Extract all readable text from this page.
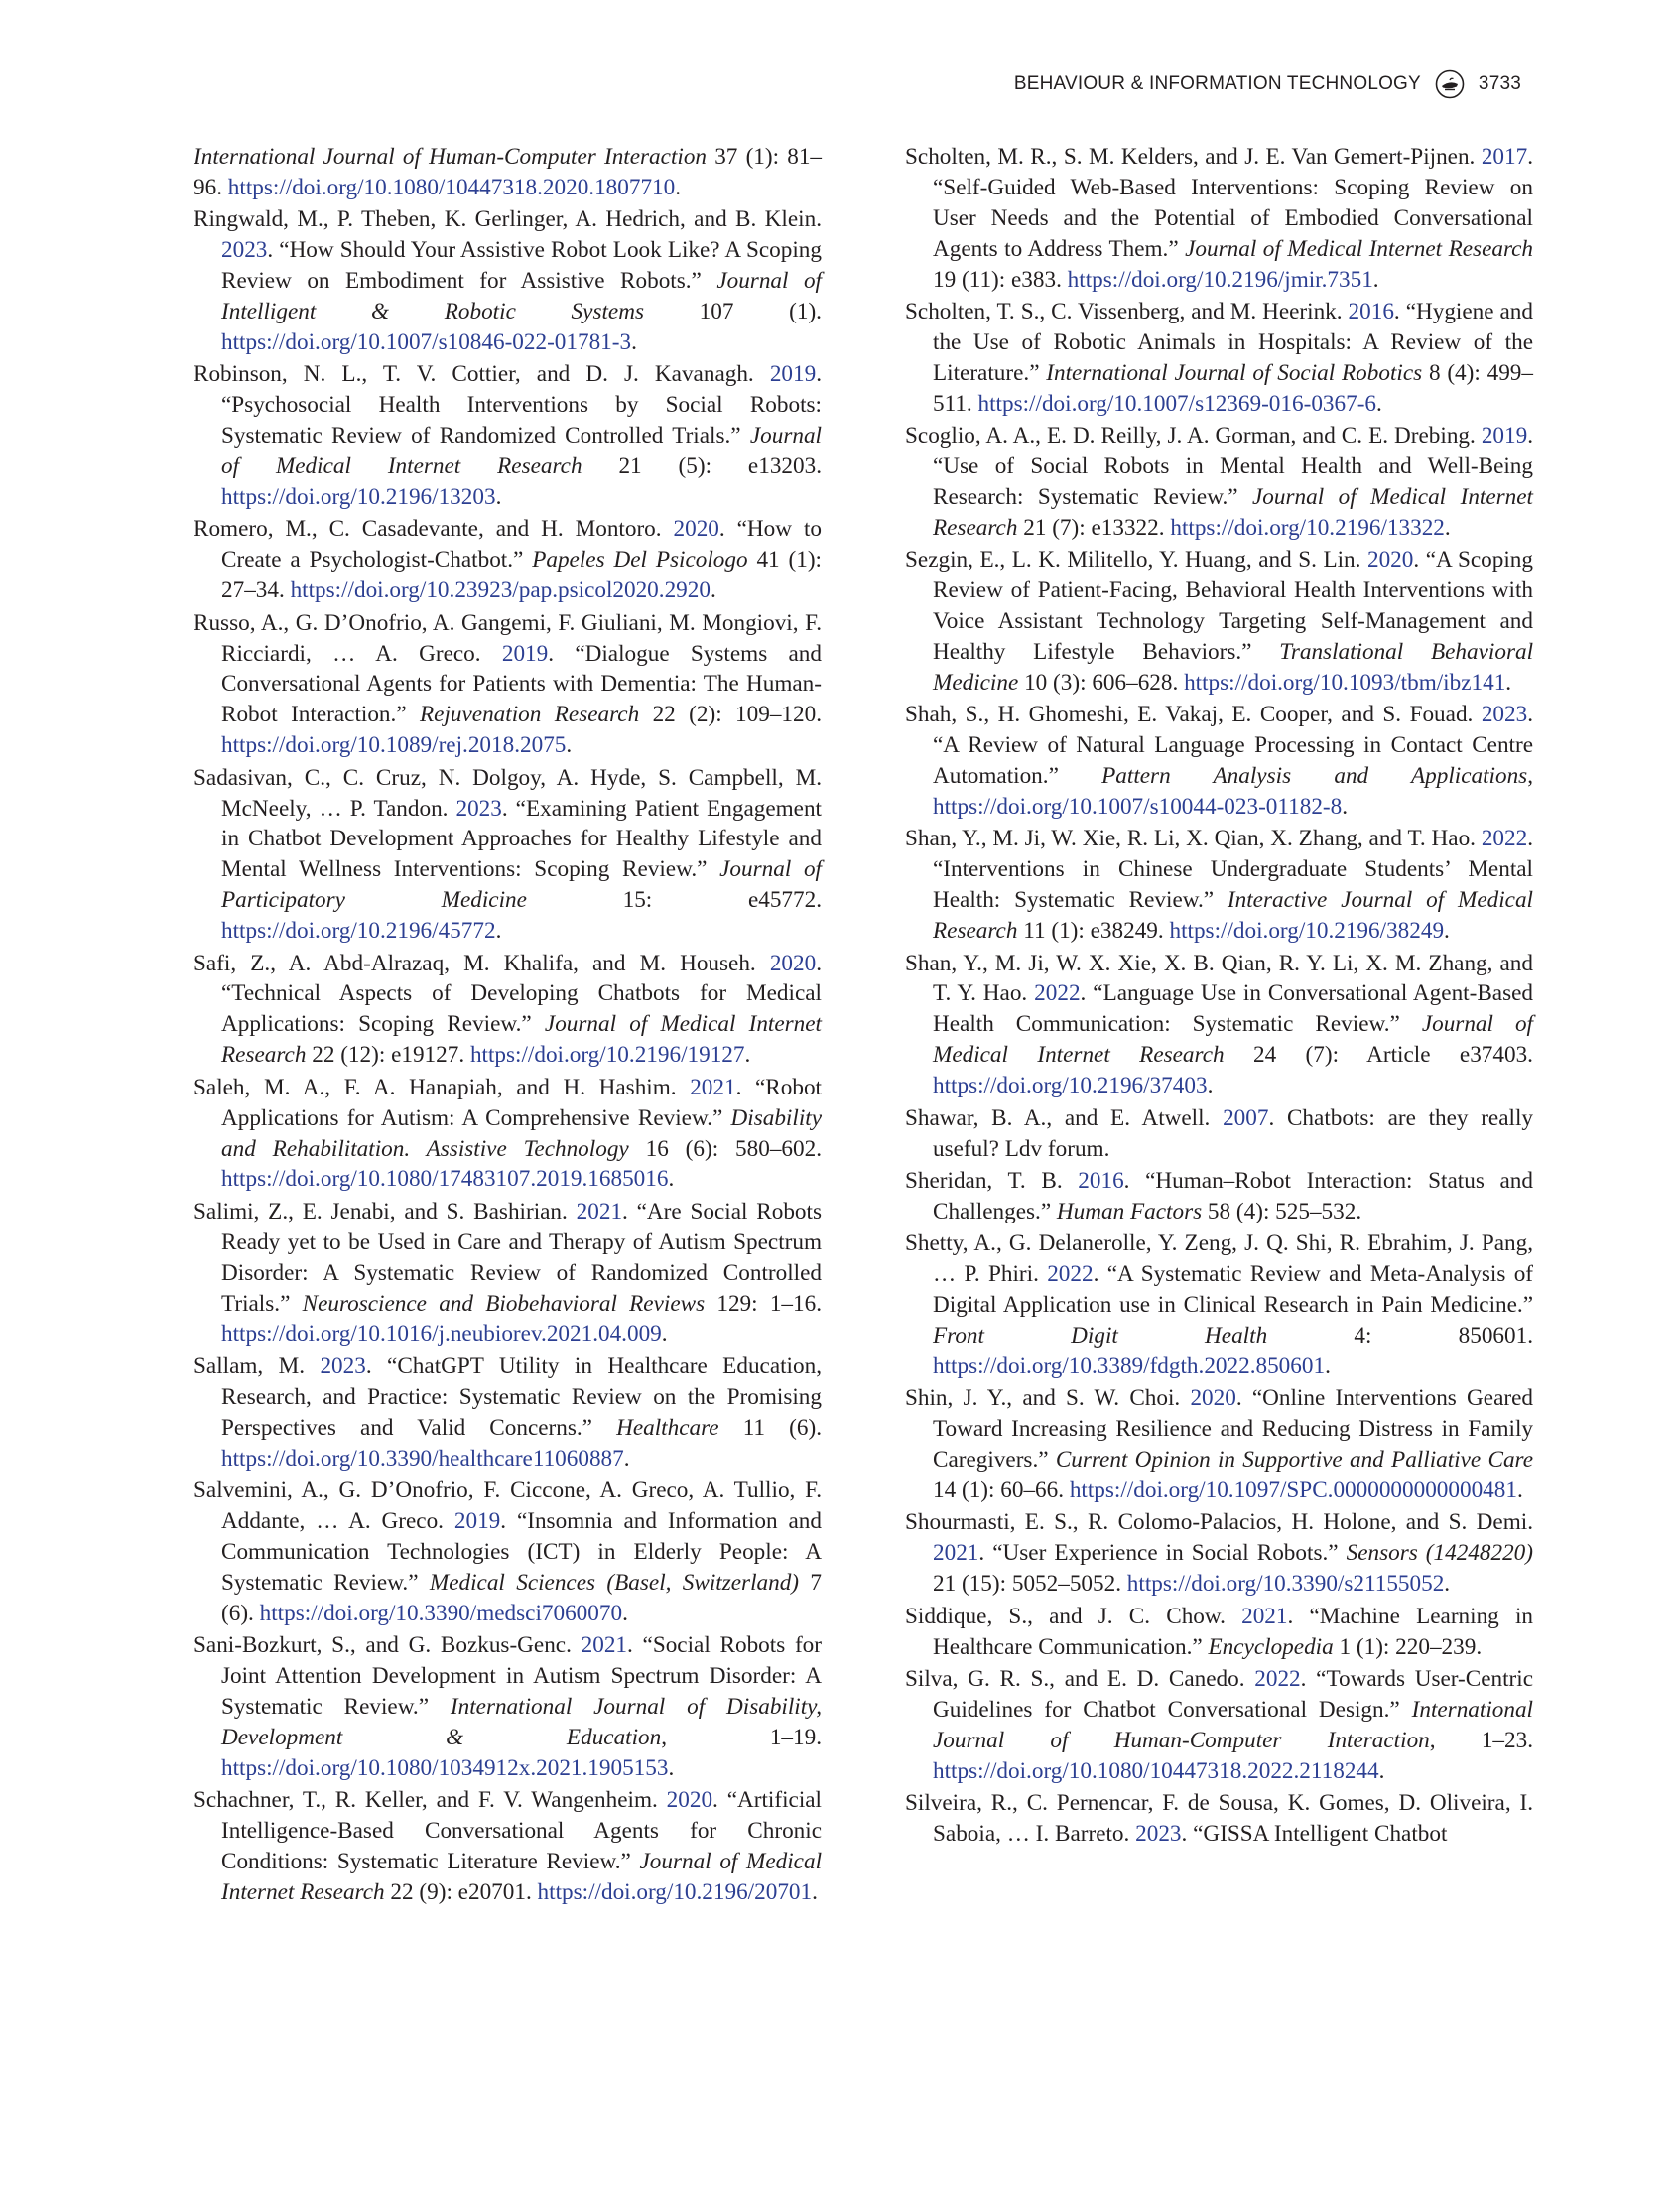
BEHAVIOUR & INFORMATION TECHNOLOGY	3733

International Journal of Human-Computer Interaction 37 (1): 81–96. https://doi.org/10.1080/10447318.2020.1807710.

Ringwald, M., P. Theben, K. Gerlinger, A. Hedrich, and B. Klein. 2023. “How Should Your Assistive Robot Look Like? A Scoping Review on Embodiment for Assistive Robots.” Journal of Intelligent & Robotic Systems 107 (1). https://doi.org/10.1007/s10846-022-01781-3.

Robinson, N. L., T. V. Cottier, and D. J. Kavanagh. 2019. “Psychosocial Health Interventions by Social Robots: Systematic Review of Randomized Controlled Trials.” Journal of Medical Internet Research 21 (5): e13203. https://doi.org/10.2196/13203.

Romero, M., C. Casadevante, and H. Montoro. 2020. “How to Create a Psychologist-Chatbot.” Papeles Del Psicologo 41 (1): 27–34. https://doi.org/10.23923/pap.psicol2020.2920.

Russo, A., G. D’Onofrio, A. Gangemi, F. Giuliani, M. Mongiovi, F. Ricciardi, … A. Greco. 2019. “Dialogue Systems and Conversational Agents for Patients with Dementia: The Human-Robot Interaction.” Rejuvenation Research 22 (2): 109–120. https://doi.org/10.1089/rej.2018.2075.

Sadasivan, C., C. Cruz, N. Dolgoy, A. Hyde, S. Campbell, M. McNeely, … P. Tandon. 2023. “Examining Patient Engagement in Chatbot Development Approaches for Healthy Lifestyle and Mental Wellness Interventions: Scoping Review.” Journal of Participatory Medicine 15: e45772. https://doi.org/10.2196/45772.

Safi, Z., A. Abd-Alrazaq, M. Khalifa, and M. Househ. 2020. “Technical Aspects of Developing Chatbots for Medical Applications: Scoping Review.” Journal of Medical Internet Research 22 (12): e19127. https://doi.org/10.2196/19127.

Saleh, M. A., F. A. Hanapiah, and H. Hashim. 2021. “Robot Applications for Autism: A Comprehensive Review.” Disability and Rehabilitation. Assistive Technology 16 (6): 580–602. https://doi.org/10.1080/17483107.2019.1685016.

Salimi, Z., E. Jenabi, and S. Bashirian. 2021. “Are Social Robots Ready yet to be Used in Care and Therapy of Autism Spectrum Disorder: A Systematic Review of Randomized Controlled Trials.” Neuroscience and Biobehavioral Reviews 129: 1–16. https://doi.org/10.1016/j.neubiorev.2021.04.009.

Sallam, M. 2023. “ChatGPT Utility in Healthcare Education, Research, and Practice: Systematic Review on the Promising Perspectives and Valid Concerns.” Healthcare 11 (6). https://doi.org/10.3390/healthcare11060887.

Salvemini, A., G. D’Onofrio, F. Ciccone, A. Greco, A. Tullio, F. Addante, … A. Greco. 2019. “Insomnia and Information and Communication Technologies (ICT) in Elderly People: A Systematic Review.” Medical Sciences (Basel, Switzerland) 7 (6). https://doi.org/10.3390/medsci7060070.

Sani-Bozkurt, S., and G. Bozkus-Genc. 2021. “Social Robots for Joint Attention Development in Autism Spectrum Disorder: A Systematic Review.” International Journal of Disability, Development & Education, 1–19. https://doi.org/10.1080/1034912x.2021.1905153.

Schachner, T., R. Keller, and F. V. Wangenheim. 2020. “Artificial Intelligence-Based Conversational Agents for Chronic Conditions: Systematic Literature Review.” Journal of Medical Internet Research 22 (9): e20701. https://doi.org/10.2196/20701.

Scholten, M. R., S. M. Kelders, and J. E. Van Gemert-Pijnen. 2017. “Self-Guided Web-Based Interventions: Scoping Review on User Needs and the Potential of Embodied Conversational Agents to Address Them.” Journal of Medical Internet Research 19 (11): e383. https://doi.org/10.2196/jmir.7351.

Scholten, T. S., C. Vissenberg, and M. Heerink. 2016. “Hygiene and the Use of Robotic Animals in Hospitals: A Review of the Literature.” International Journal of Social Robotics 8 (4): 499–511. https://doi.org/10.1007/s12369-016-0367-6.

Scoglio, A. A., E. D. Reilly, J. A. Gorman, and C. E. Drebing. 2019. “Use of Social Robots in Mental Health and Well-Being Research: Systematic Review.” Journal of Medical Internet Research 21 (7): e13322. https://doi.org/10.2196/13322.

Sezgin, E., L. K. Militello, Y. Huang, and S. Lin. 2020. “A Scoping Review of Patient-Facing, Behavioral Health Interventions with Voice Assistant Technology Targeting Self-Management and Healthy Lifestyle Behaviors.” Translational Behavioral Medicine 10 (3): 606–628. https://doi.org/10.1093/tbm/ibz141.

Shah, S., H. Ghomeshi, E. Vakaj, E. Cooper, and S. Fouad. 2023. “A Review of Natural Language Processing in Contact Centre Automation.” Pattern Analysis and Applications, https://doi.org/10.1007/s10044-023-01182-8.

Shan, Y., M. Ji, W. Xie, R. Li, X. Qian, X. Zhang, and T. Hao. 2022. “Interventions in Chinese Undergraduate Students’ Mental Health: Systematic Review.” Interactive Journal of Medical Research 11 (1): e38249. https://doi.org/10.2196/38249.

Shan, Y., M. Ji, W. X. Xie, X. B. Qian, R. Y. Li, X. M. Zhang, and T. Y. Hao. 2022. “Language Use in Conversational Agent-Based Health Communication: Systematic Review.” Journal of Medical Internet Research 24 (7): Article e37403. https://doi.org/10.2196/37403.

Shawar, B. A., and E. Atwell. 2007. Chatbots: are they really useful? Ldv forum.

Sheridan, T. B. 2016. “Human–Robot Interaction: Status and Challenges.” Human Factors 58 (4): 525–532.

Shetty, A., G. Delanerolle, Y. Zeng, J. Q. Shi, R. Ebrahim, J. Pang, … P. Phiri. 2022. “A Systematic Review and Meta-Analysis of Digital Application use in Clinical Research in Pain Medicine.” Front Digit Health 4: 850601. https://doi.org/10.3389/fdgth.2022.850601.

Shin, J. Y., and S. W. Choi. 2020. “Online Interventions Geared Toward Increasing Resilience and Reducing Distress in Family Caregivers.” Current Opinion in Supportive and Palliative Care 14 (1): 60–66. https://doi.org/10.1097/SPC.0000000000000481.

Shourmasti, E. S., R. Colomo-Palacios, H. Holone, and S. Demi. 2021. “User Experience in Social Robots.” Sensors (14248220) 21 (15): 5052–5052. https://doi.org/10.3390/s21155052.

Siddique, S., and J. C. Chow. 2021. “Machine Learning in Healthcare Communication.” Encyclopedia 1 (1): 220–239.

Silva, G. R. S., and E. D. Canedo. 2022. “Towards User-Centric Guidelines for Chatbot Conversational Design.” International Journal of Human-Computer Interaction, 1–23. https://doi.org/10.1080/10447318.2022.2118244.

Silveira, R., C. Pernencar, F. de Sousa, K. Gomes, D. Oliveira, I. Saboia, … I. Barreto. 2023. “GISSA Intelligent Chatbot
